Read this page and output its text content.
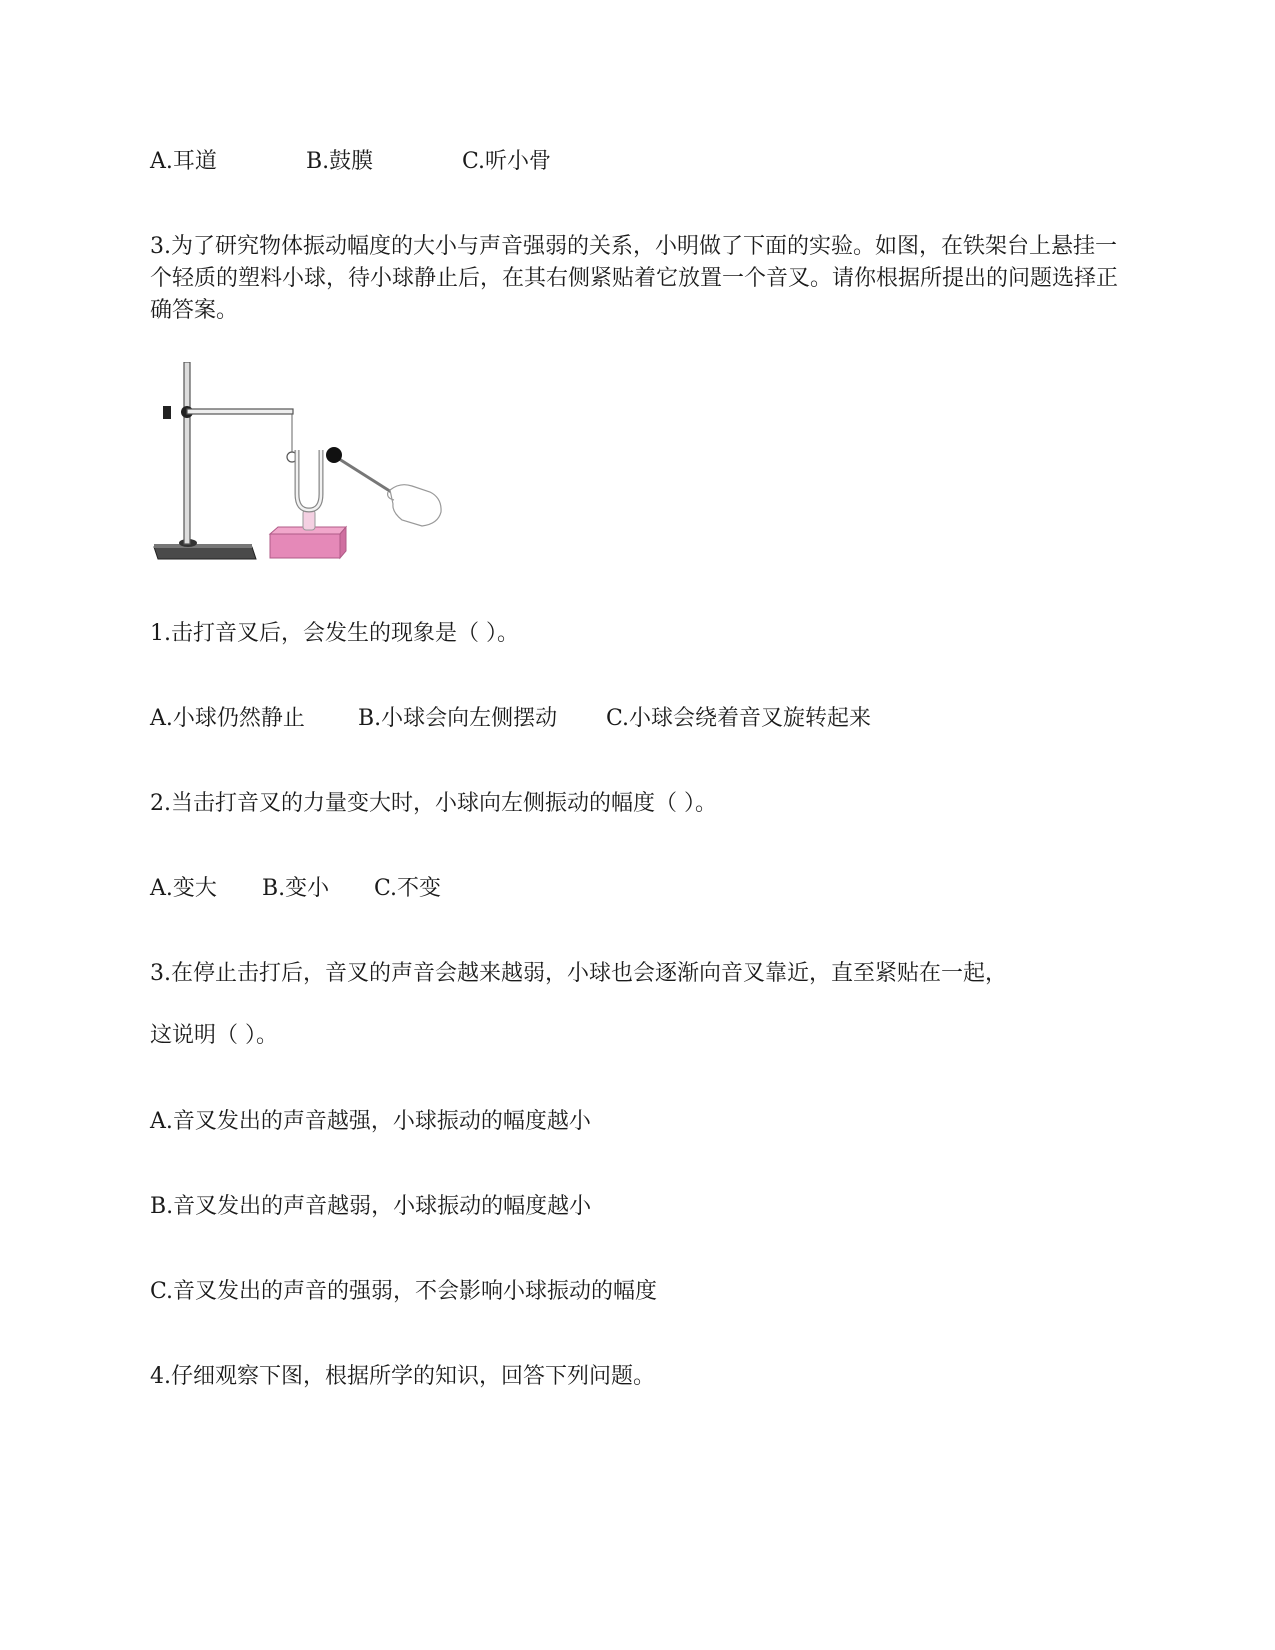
A.耳道	B.鼓膜	C.听小骨
3.为了研究物体振动幅度的大小与声音强弱的关系，小明做了下面的实验。如图，在铁架台上悬挂一个轻质的塑料小球，待小球静止后，在其右侧紧贴着它放置一个音叉。请你根据所提出的问题选择正确答案。
1.击打音叉后，会发生的现象是（ ）。
A.小球仍然静止 B.小球会向左侧摆动 C.小球会绕着音叉旋转起来
2.当击打音叉的力量变大时，小球向左侧振动的幅度（ ）。
A.变大 B.变小 C.不变
3.在停止击打后，音叉的声音会越来越弱，小球也会逐渐向音叉靠近，直至紧贴在一起，
这说明（ ）。
A.音叉发出的声音越强，小球振动的幅度越小
B.音叉发出的声音越弱，小球振动的幅度越小
C.音叉发出的声音的强弱，不会影响小球振动的幅度
4.仔细观察下图，根据所学的知识，回答下列问题。
